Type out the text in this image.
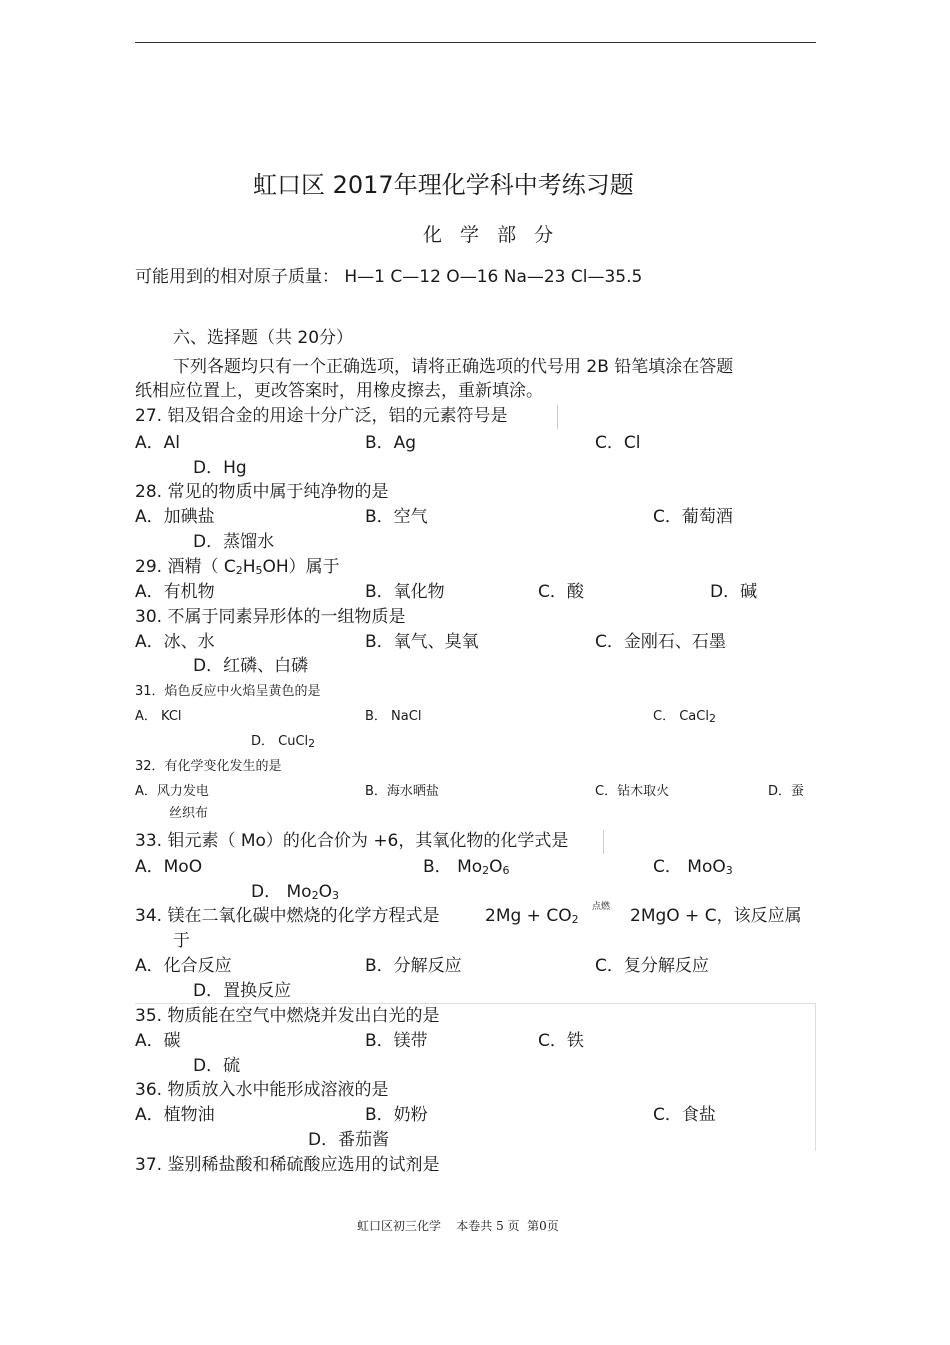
虹口区 2017年理化学科中考练习题
化 学 部 分
可能用到的相对原子质量： H—1 C—12 O—16 Na—23 Cl—35.5
六、选择题（共 20分）
下列各题均只有一个正确选项，请将正确选项的代号用 2B 铅笔填涂在答题
纸相应位置上，更改答案时，用橡皮擦去，重新填涂。
27. 铝及铝合金的用途十分广泛，铝的元素符号是
A．Al	B．Ag	C．Cl
D．Hg
28. 常见的物质中属于纯净物的是
A．加碘盐	B．空气	C．葡萄酒
D．蒸馏水
29. 酒精（ C2H5OH）属于
A．有机物	B．氧化物	C．酸	D．碱
30. 不属于同素异形体的一组物质是
A．冰、水	B．氧气、臭氧	C．金刚石、石墨
D．红磷、白磷
31．焰色反应中火焰呈黄色的是
A． KCl	B． NaCl	C． CaCl2
D． CuCl2
32．有化学变化发生的是
A．风力发电	B．海水晒盐	C．钻木取火	D．蚕
丝织布
33. 钼元素（ Mo）的化合价为 +6，其氧化物的化学式是
A．MoO	B． Mo2O6	C． MoO3
D． Mo2O3
34. 镁在二氧化碳中燃烧的化学方程式是	2Mg + CO2
点燃 2MgO + C，该反应属
于
A．化合反应	B．分解反应	C．复分解反应
D．置换反应
35. 物质能在空气中燃烧并发出白光的是
A．碳	B．镁带	C．铁
D．硫
36. 物质放入水中能形成溶液的是
A．植物油	B．奶粉	C．食盐
D．番茄酱
37. 鉴别稀盐酸和稀硫酸应选用的试剂是
虹口区初三化学    本卷共 5 页  第0页
